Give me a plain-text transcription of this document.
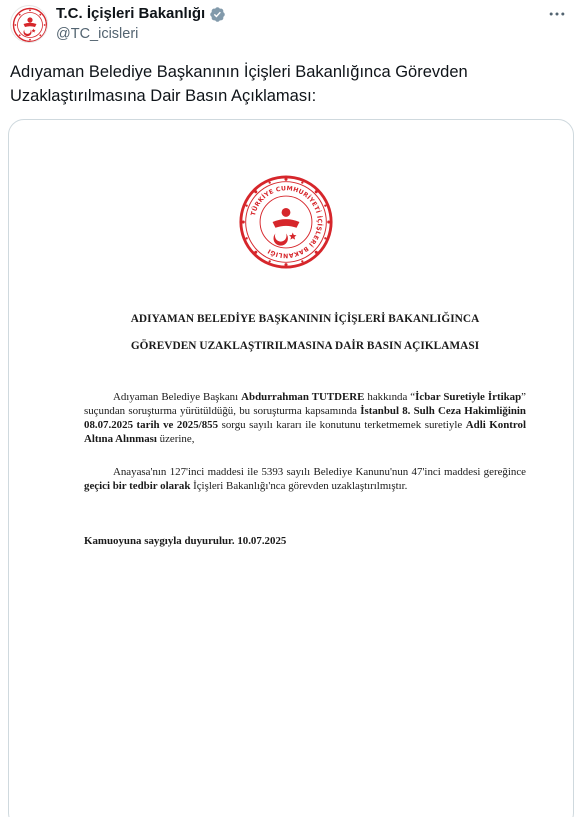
T.C. İçişleri Bakanlığı
@TC_icisleri
Adıyaman Belediye Başkanının İçişleri Bakanlığınca Görevden Uzaklaştırılmasına Dair Basın Açıklaması:
TÜRKİYE CUMHURİYETİ İÇİŞLERİ BAKANLIĞI
ADIYAMAN BELEDİYE BAŞKANININ İÇİŞLERİ BAKANLIĞINCA
GÖREVDEN UZAKLAŞTIRILMASINA DAİR BASIN AÇIKLAMASI
Adıyaman Belediye Başkanı Abdurrahman TUTDERE hakkında “İcbar Suretiyle İrtikap” suçundan soruşturma yürütüldüğü, bu soruşturma kapsamında İstanbul 8. Sulh Ceza Hakimliğinin 08.07.2025 tarih ve 2025/855 sorgu sayılı kararı ile konutunu terketmemek suretiyle Adli Kontrol Altına Alınması üzerine,
Anayasa'nın 127'inci maddesi ile 5393 sayılı Belediye Kanunu'nun 47'inci maddesi gereğince geçici bir tedbir olarak İçişleri Bakanlığı'nca görevden uzaklaştırılmıştır.
Kamuoyuna saygıyla duyurulur. 10.07.2025
